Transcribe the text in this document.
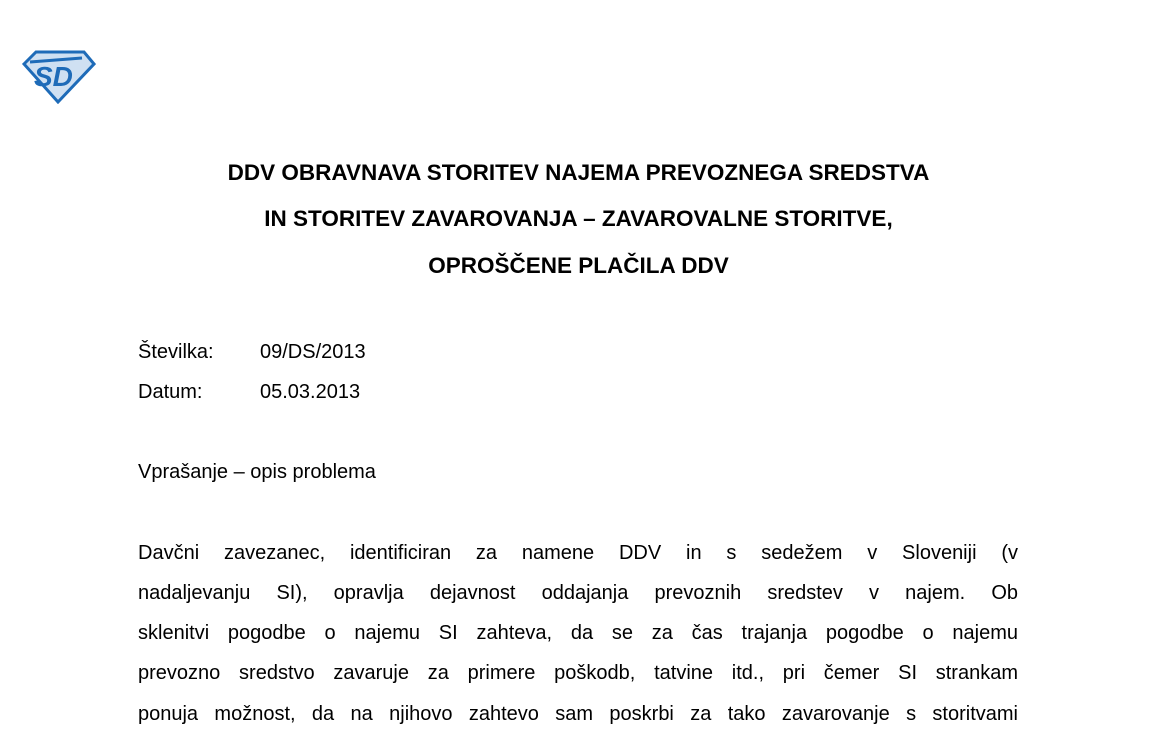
SD
DDV OBRAVNAVA STORITEV NAJEMA PREVOZNEGA SREDSTVA
IN STORITEV ZAVAROVANJA – ZAVAROVALNE STORITVE,
OPROŠČENE PLAČILA DDV
Številka: 09/DS/2013
Datum:	05.03.2013
Vprašanje – opis problema
Davčni zavezanec, identificiran za namene DDV in s sedežem v Sloveniji (v
nadaljevanju SI), opravlja dejavnost oddajanja prevoznih sredstev v najem. Ob
sklenitvi pogodbe o najemu SI zahteva, da se za čas trajanja pogodbe o najemu
prevozno sredstvo zavaruje za primere poškodb, tatvine itd., pri čemer SI strankam
ponuja možnost, da na njihovo zahtevo sam poskrbi za tako zavarovanje s storitvami
